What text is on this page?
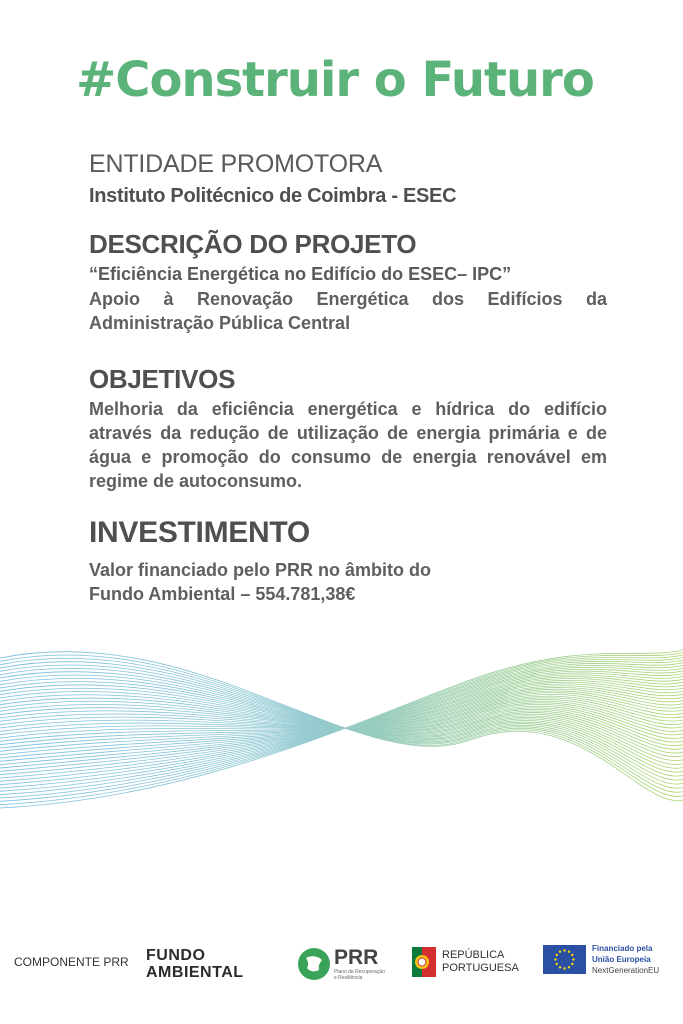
#Construir o Futuro

ENTIDADE PROMOTORA

Instituto Politécnico de Coimbra - ESEC

DESCRIÇÃO DO PROJETO

“Eficiência Energética no Edifício do ESEC– IPC”

Apoio à Renovação Energética dos Edifícios da Administração Pública Central

OBJETIVOS

Melhoria da eficiência energética e hídrica do edifício através da redução de utilização de energia primária e de água e promoção do consumo de energia renovável em regime de autoconsumo.

INVESTIMENTO

Valor financiado pelo PRR no âmbito do

Fundo Ambiental – 554.781,38€

COMPONENTE PRR FUNDO
AMBIENTAL
PRR
Plano de Recuperação e Resiliência
REPÚBLICA
PORTUGUESA
Financiado pela
União Europeia
NextGenerationEU
